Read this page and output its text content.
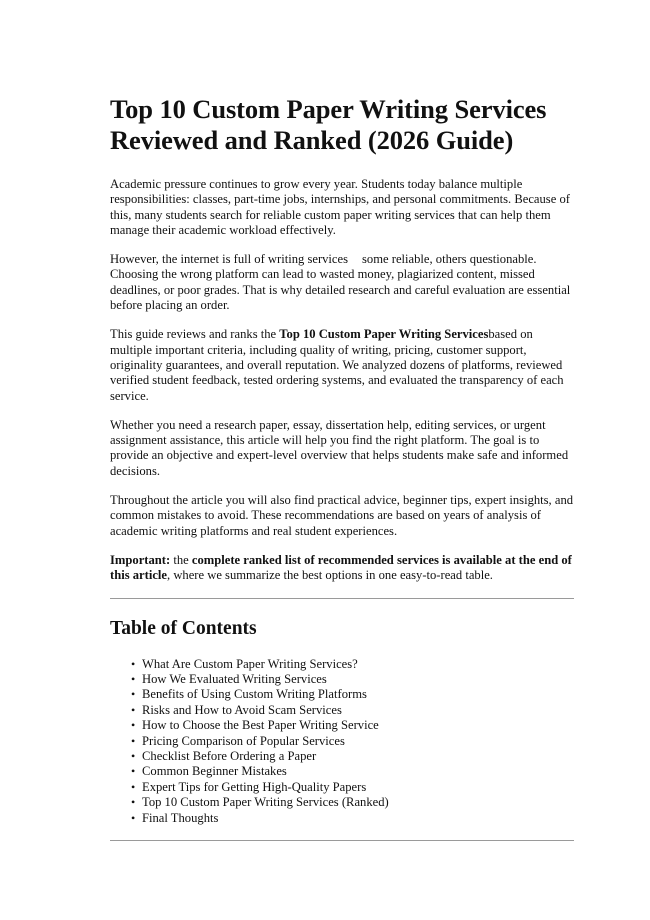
Top 10 Custom Paper Writing Services Reviewed and Ranked (2026 Guide)

Academic pressure continues to grow every year. Students today balance multiple responsibilities: classes, part-time jobs, internships, and personal commitments. Because of this, many students search for reliable custom paper writing services that can help them manage their academic workload effectively.

However, the internet is full of writing services some reliable, others questionable. Choosing the wrong platform can lead to wasted money, plagiarized content, missed deadlines, or poor grades. That is why detailed research and careful evaluation are essential before placing an order.

This guide reviews and ranks the Top 10 Custom Paper Writing Servicesbased on multiple important criteria, including quality of writing, pricing, customer support, originality guarantees, and overall reputation. We analyzed dozens of platforms, reviewed verified student feedback, tested ordering systems, and evaluated the transparency of each service.

Whether you need a research paper, essay, dissertation help, editing services, or urgent assignment assistance, this article will help you find the right platform. The goal is to provide an objective and expert-level overview that helps students make safe and informed decisions.

Throughout the article you will also find practical advice, beginner tips, expert insights, and common mistakes to avoid. These recommendations are based on years of analysis of academic writing platforms and real student experiences.

Important: the complete ranked list of recommended services is available at the end of this article, where we summarize the best options in one easy-to-read table.

Table of Contents
• What Are Custom Paper Writing Services?
• How We Evaluated Writing Services
• Benefits of Using Custom Writing Platforms
• Risks and How to Avoid Scam Services
• How to Choose the Best Paper Writing Service
• Pricing Comparison of Popular Services
• Checklist Before Ordering a Paper
• Common Beginner Mistakes
• Expert Tips for Getting High-Quality Papers
• Top 10 Custom Paper Writing Services (Ranked)
• Final Thoughts
